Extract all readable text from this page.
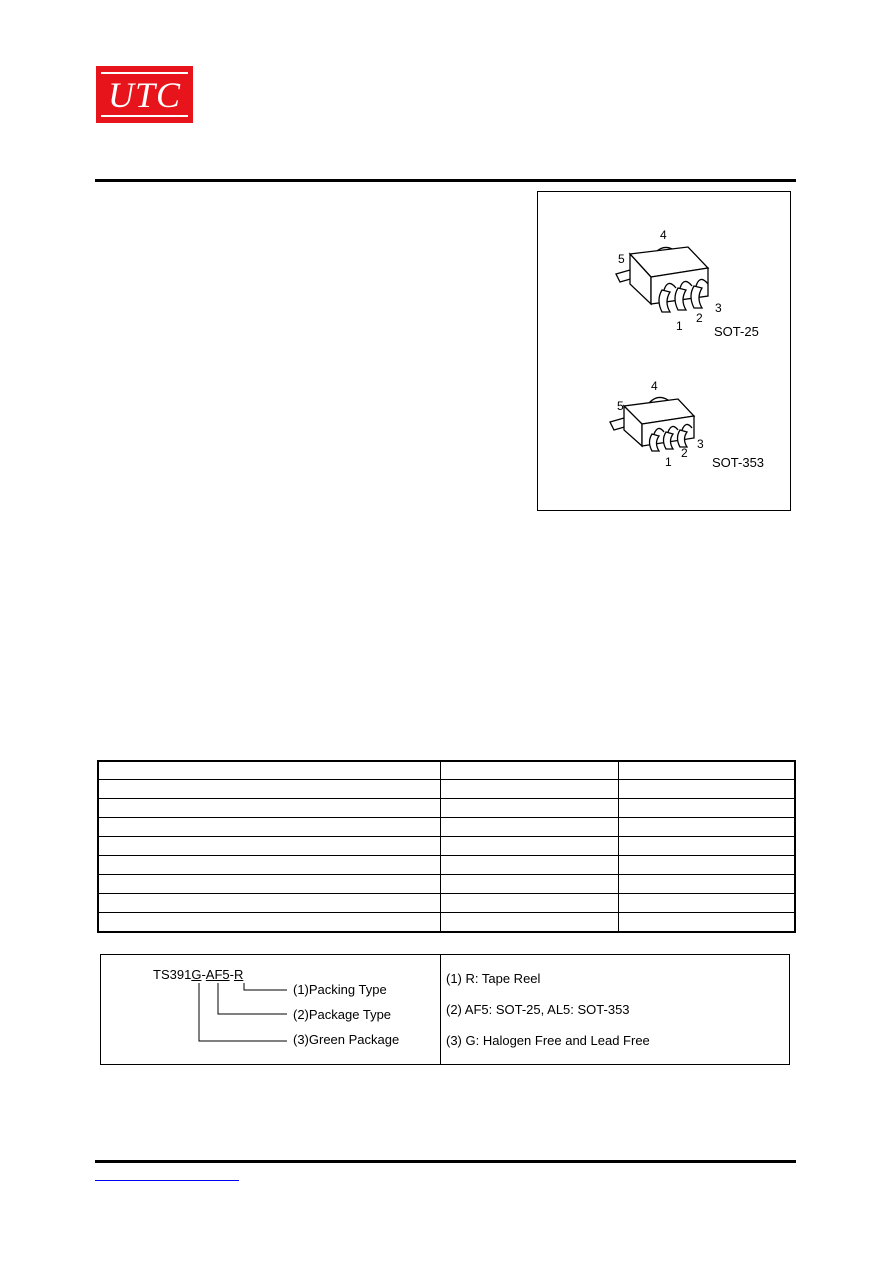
UTC
4
5
1
2
3
SOT-25
4
5
1
2
3
SOT-353
TS391G-AF5-R
(1)Packing Type
(2)Package Type
(3)Green Package
(1) R: Tape Reel
(2) AF5: SOT-25, AL5: SOT-353
(3) G: Halogen Free and Lead Free
